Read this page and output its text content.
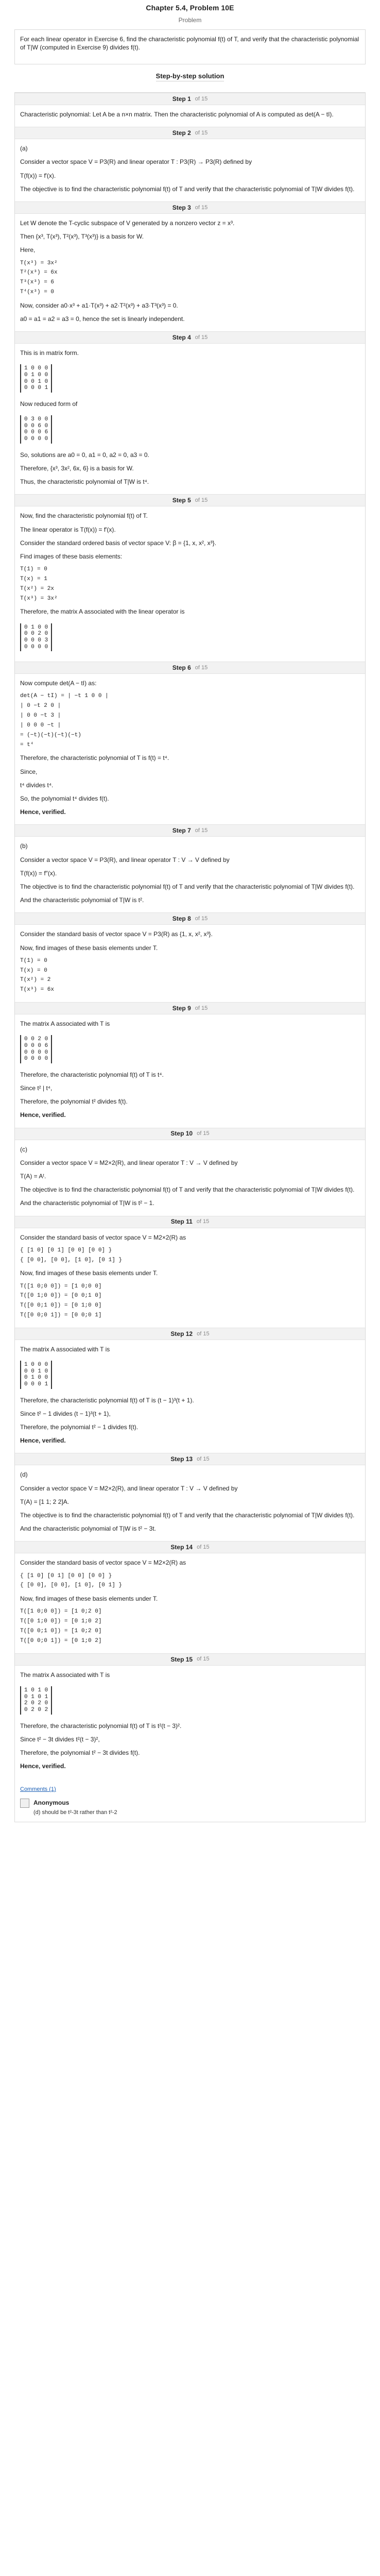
Chapter 5.4, Problem 10E
Problem
For each linear operator in Exercise 6, find the characteristic polynomial f(t) of T, and verify that the characteristic polynomial of T|W (computed in Exercise 9) divides f(t).
Step-by-step solution
Step 1 of 15
Characteristic polynomial: Let A be a n×n matrix. Then the characteristic polynomial of A is computed as det(A − tI).
Step 2 of 15
(a)
Consider a vector space V = P3(R) and linear operator T : P3(R) → P3(R) defined by
T(f(x)) = f′(x).
The objective is to find the characteristic polynomial f(t) of T and verify that the characteristic polynomial of T|W divides f(t).
Step 3 of 15
Let W denote the T-cyclic subspace of V generated by a nonzero vector z = x³.
Then {x³, T(x³), T²(x³), T³(x³)} is a basis for W.
Here,
T(x³) = 3x²
T²(x³) = 6x
T³(x³) = 6
T⁴(x³) = 0
Now, consider a0·x³ + a1·T(x³) + a2·T²(x³) + a3·T³(x³) = 0.
a0 = a1 = a2 = a3 = 0, hence the set is linearly independent.
Step 4 of 15
This is in matrix form.
1 0 0 0
0 1 0 0
0 0 1 0
0 0 0 1
Now reduced form of
0 3 0 0
0 0 6 0
0 0 0 6
0 0 0 0
So, solutions are a0 = 0, a1 = 0, a2 = 0, a3 = 0.
Therefore, {x³, 3x², 6x, 6} is a basis for W.
Thus, the characteristic polynomial of T|W is t⁴.
Step 5 of 15
Now, find the characteristic polynomial f(t) of T.
The linear operator is T(f(x)) = f′(x).
Consider the standard ordered basis of vector space V: β = {1, x, x², x³}.
Find images of these basis elements:
T(1) = 0
T(x) = 1
T(x²) = 2x
T(x³) = 3x²
Therefore, the matrix A associated with the linear operator is
0 1 0 0
0 0 2 0
0 0 0 3
0 0 0 0
Step 6 of 15
Now compute det(A − tI) as:
det(A − tI) = | −t 1 0 0 |
| 0 −t 2 0 |
| 0 0 −t 3 |
| 0 0 0 −t |
= (−t)(−t)(−t)(−t)
= t⁴
Therefore, the characteristic polynomial of T is f(t) = t⁴.
Since,
t⁴ divides t⁴.
So, the polynomial t⁴ divides f(t).
Hence, verified.
Step 7 of 15
(b)
Consider a vector space V = P3(R), and linear operator T : V → V defined by
T(f(x)) = f″(x).
The objective is to find the characteristic polynomial f(t) of T and verify that the characteristic polynomial of T|W divides f(t).
And the characteristic polynomial of T|W is t².
Step 8 of 15
Consider the standard basis of vector space V = P3(R) as {1, x, x², x³}.
Now, find images of these basis elements under T.
T(1) = 0
T(x) = 0
T(x²) = 2
T(x³) = 6x
Step 9 of 15
The matrix A associated with T is
0 0 2 0
0 0 0 6
0 0 0 0
0 0 0 0
Therefore, the characteristic polynomial f(t) of T is t⁴.
Since t² | t⁴,
Therefore, the polynomial t² divides f(t).
Hence, verified.
Step 10 of 15
(c)
Consider a vector space V = M2×2(R), and linear operator T : V → V defined by
T(A) = Aᵗ.
The objective is to find the characteristic polynomial f(t) of T and verify that the characteristic polynomial of T|W divides f(t).
And the characteristic polynomial of T|W is t² − 1.
Step 11 of 15
Consider the standard basis of vector space V = M2×2(R) as
{ [1 0] [0 1] [0 0] [0 0] }
{ [0 0], [0 0], [1 0], [0 1] }
Now, find images of these basis elements under T.
T([1 0;0 0]) = [1 0;0 0]
T([0 1;0 0]) = [0 0;1 0]
T([0 0;1 0]) = [0 1;0 0]
T([0 0;0 1]) = [0 0;0 1]
Step 12 of 15
The matrix A associated with T is
1 0 0 0
0 0 1 0
0 1 0 0
0 0 0 1
Therefore, the characteristic polynomial f(t) of T is (t − 1)³(t + 1).
Since t² − 1 divides (t − 1)³(t + 1),
Therefore, the polynomial t² − 1 divides f(t).
Hence, verified.
Step 13 of 15
(d)
Consider a vector space V = M2×2(R), and linear operator T : V → V defined by
T(A) = [1 1; 2 2]A.
The objective is to find the characteristic polynomial f(t) of T and verify that the characteristic polynomial of T|W divides f(t).
And the characteristic polynomial of T|W is t² − 3t.
Step 14 of 15
Consider the standard basis of vector space V = M2×2(R) as
{ [1 0] [0 1] [0 0] [0 0] }
{ [0 0], [0 0], [1 0], [0 1] }
Now, find images of these basis elements under T.
T([1 0;0 0]) = [1 0;2 0]
T([0 1;0 0]) = [0 1;0 2]
T([0 0;1 0]) = [1 0;2 0]
T([0 0;0 1]) = [0 1;0 2]
Step 15 of 15
The matrix A associated with T is
1 0 1 0
0 1 0 1
2 0 2 0
0 2 0 2
Therefore, the characteristic polynomial f(t) of T is t²(t − 3)².
Since t² − 3t divides t²(t − 3)²,
Therefore, the polynomial t² − 3t divides f(t).
Hence, verified.
Comments (1)
Anonymous
(d) should be t²-3t rather than t²-2
